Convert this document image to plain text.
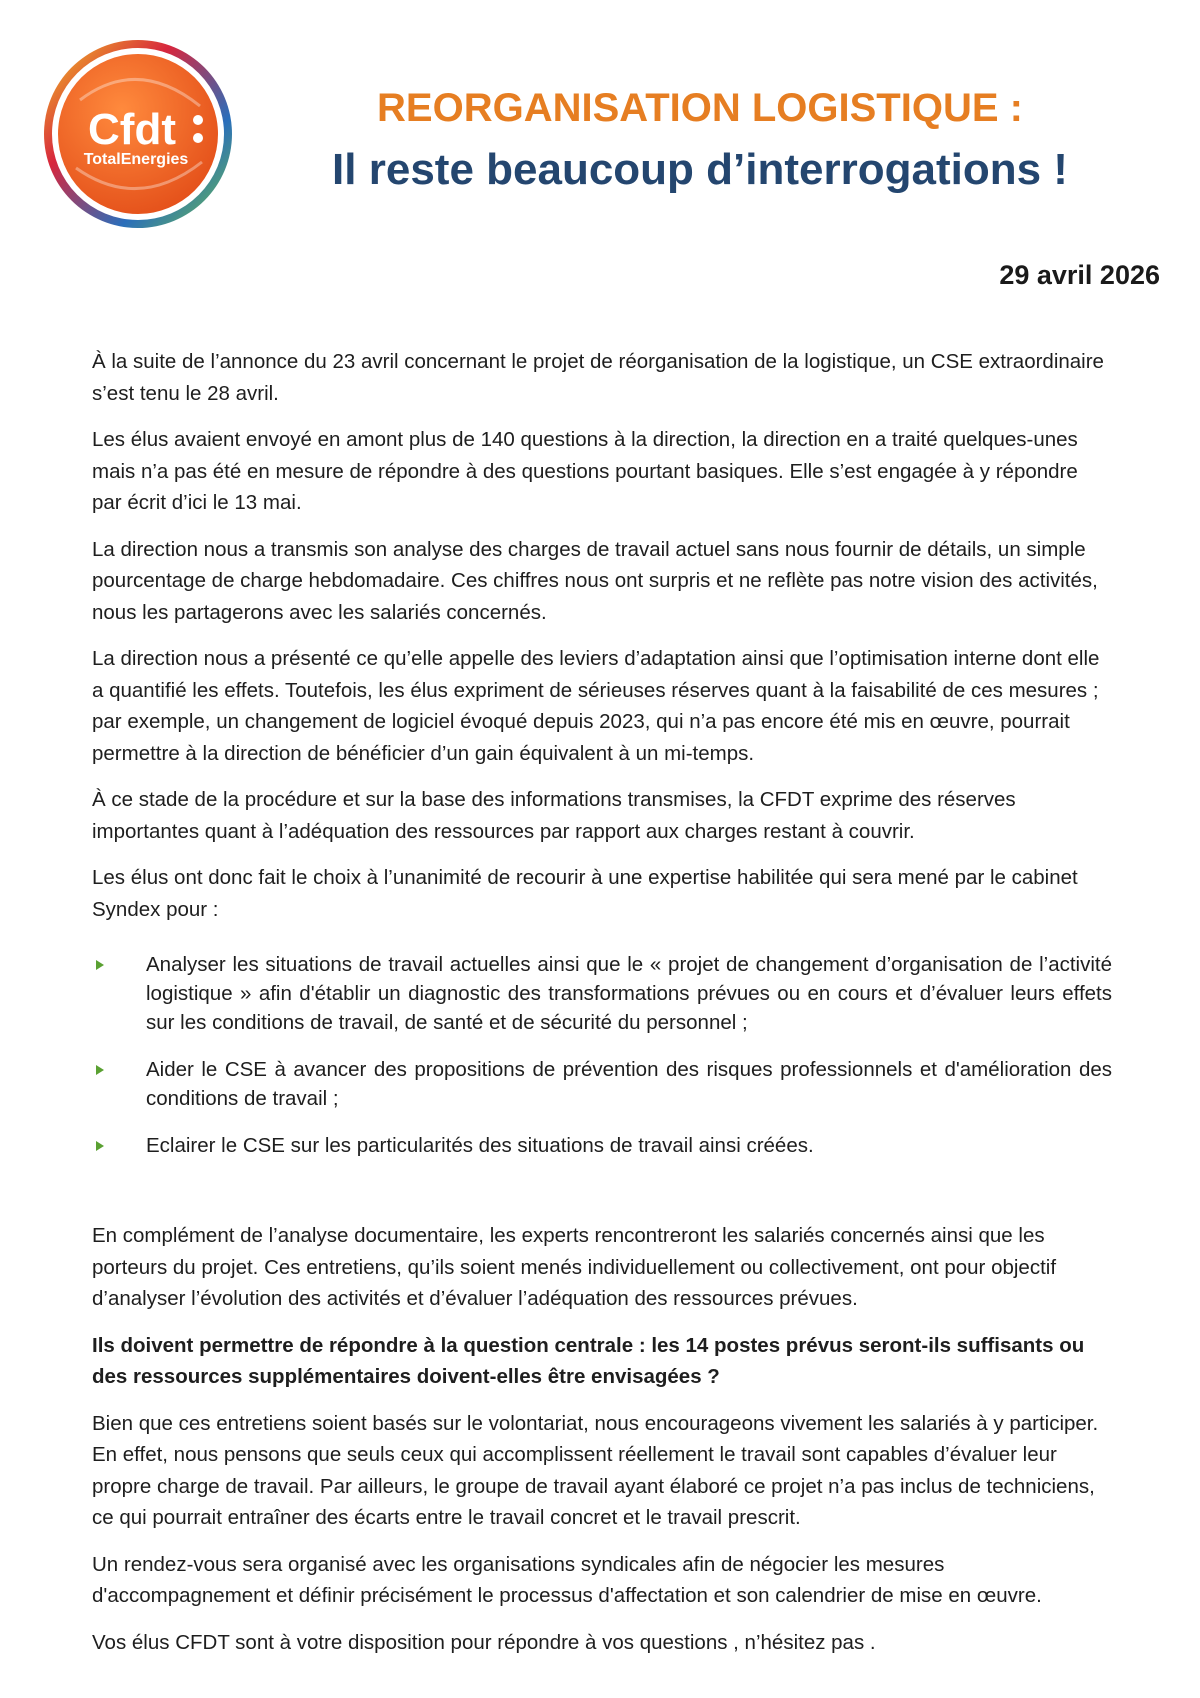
Cfdt
TotalEnergies
REORGANISATION LOGISTIQUE :
Il reste beaucoup d’interrogations !
29 avril 2026

À la suite de l’annonce du 23 avril concernant le projet de réorganisation de la logistique, un CSE extraordinaire s’est tenu le 28 avril.

Les élus avaient envoyé en amont plus de 140 questions à la direction, la direction en a traité quelques-unes mais n’a pas été en mesure de répondre à des questions pourtant basiques. Elle s’est engagée à y répondre par écrit d’ici le 13 mai.

La direction nous a transmis son analyse des charges de travail actuel sans nous fournir de détails, un simple pourcentage de charge hebdomadaire. Ces chiffres nous ont surpris et ne reflète pas notre vision des activités, nous les partagerons avec les salariés concernés.

La direction nous a présenté ce qu’elle appelle des leviers d’adaptation ainsi que l’optimisation interne dont elle a quantifié les effets. Toutefois, les élus expriment de sérieuses réserves quant à la faisabilité de ces mesures ; par exemple, un changement de logiciel évoqué depuis 2023, qui n’a pas encore été mis en œuvre, pourrait permettre à la direction de bénéficier d’un gain équivalent à un mi-temps.

À ce stade de la procédure et sur la base des informations transmises, la CFDT exprime des réserves importantes quant à l’adéquation des ressources par rapport aux charges restant à couvrir.

Les élus ont donc fait le choix à l’unanimité de recourir à une expertise habilitée qui sera mené par le cabinet Syndex pour :

Analyser les situations de travail actuelles ainsi que le « projet de changement d’organisation de l’activité logistique » afin d'établir un diagnostic des transformations prévues ou en cours et d’évaluer leurs effets sur les conditions de travail, de santé et de sécurité du personnel ;
Aider le CSE à avancer des propositions de prévention des risques professionnels et d'amélioration des conditions de travail ;
Eclairer le CSE sur les particularités des situations de travail ainsi créées.

En complément de l’analyse documentaire, les experts rencontreront les salariés concernés ainsi que les porteurs du projet. Ces entretiens, qu’ils soient menés individuellement ou collectivement, ont pour objectif d’analyser l’évolution des activités et d’évaluer l’adéquation des ressources prévues.

Ils doivent permettre de répondre à la question centrale : les 14 postes prévus seront-ils suffisants ou des ressources supplémentaires doivent-elles être envisagées ?

Bien que ces entretiens soient basés sur le volontariat, nous encourageons vivement les salariés à y participer. En effet, nous pensons que seuls ceux qui accomplissent réellement le travail sont capables d’évaluer leur propre charge de travail. Par ailleurs, le groupe de travail ayant élaboré ce projet n’a pas inclus de techniciens, ce qui pourrait entraîner des écarts entre le travail concret et le travail prescrit.

Un rendez-vous sera organisé avec les organisations syndicales afin de négocier les mesures d'accompagnement et définir précisément le processus d'affectation et son calendrier de mise en œuvre.

Vos élus CFDT sont à votre disposition pour répondre à vos questions , n’hésitez pas .
